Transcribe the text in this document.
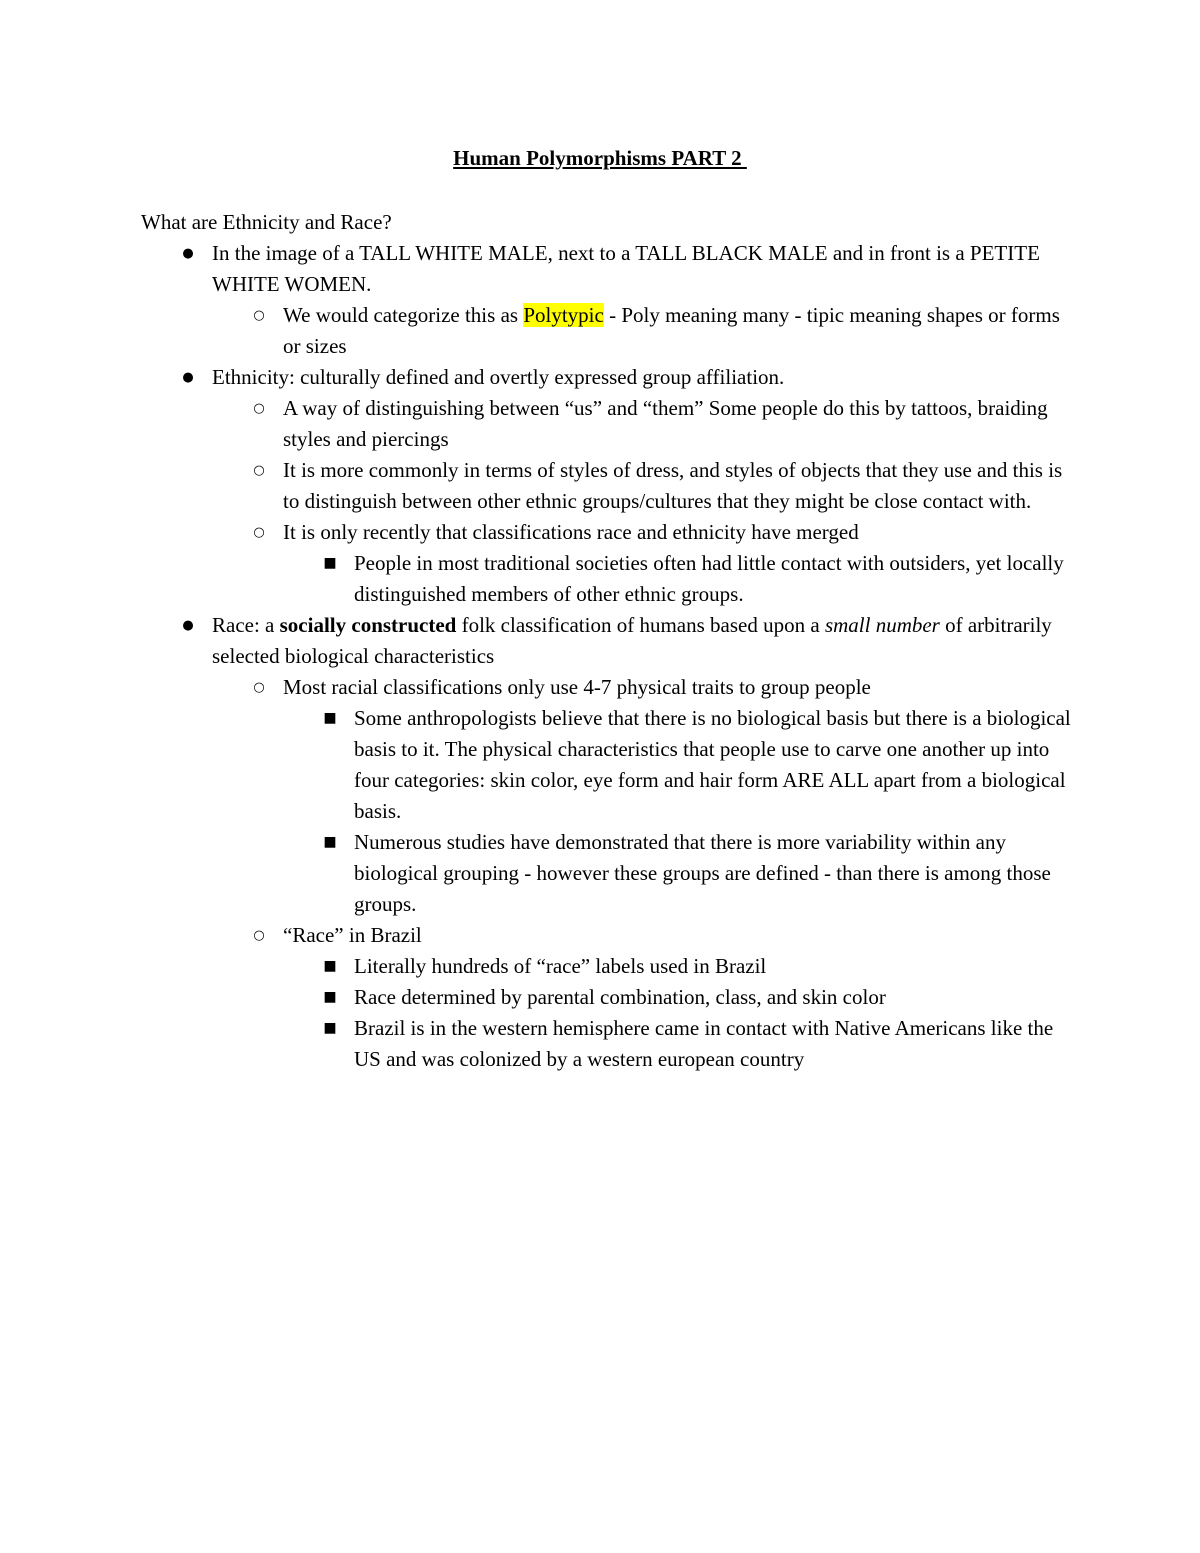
Human Polymorphisms PART 2

What are Ethnicity and Race?

● In the image of a TALL WHITE MALE, next to a TALL BLACK MALE and in front is a PETITE WHITE WOMEN.
○ We would categorize this as Polytypic - Poly meaning many - tipic meaning shapes or forms or sizes
● Ethnicity: culturally defined and overtly expressed group affiliation.
○ A way of distinguishing between “us” and “them” Some people do this by tattoos, braiding styles and piercings
○ It is more commonly in terms of styles of dress, and styles of objects that they use and this is to distinguish between other ethnic groups/cultures that they might be close contact with.
○ It is only recently that classifications race and ethnicity have merged
■ People in most traditional societies often had little contact with outsiders, yet locally distinguished members of other ethnic groups.
● Race: a socially constructed folk classification of humans based upon a small number of arbitrarily selected biological characteristics
○ Most racial classifications only use 4-7 physical traits to group people
■ Some anthropologists believe that there is no biological basis but there is a biological basis to it. The physical characteristics that people use to carve one another up into four categories: skin color, eye form and hair form ARE ALL apart from a biological basis.
■ Numerous studies have demonstrated that there is more variability within any biological grouping - however these groups are defined - than there is among those groups.
○ “Race” in Brazil
■ Literally hundreds of “race” labels used in Brazil
■ Race determined by parental combination, class, and skin color
■ Brazil is in the western hemisphere came in contact with Native Americans like the US and was colonized by a western european country
